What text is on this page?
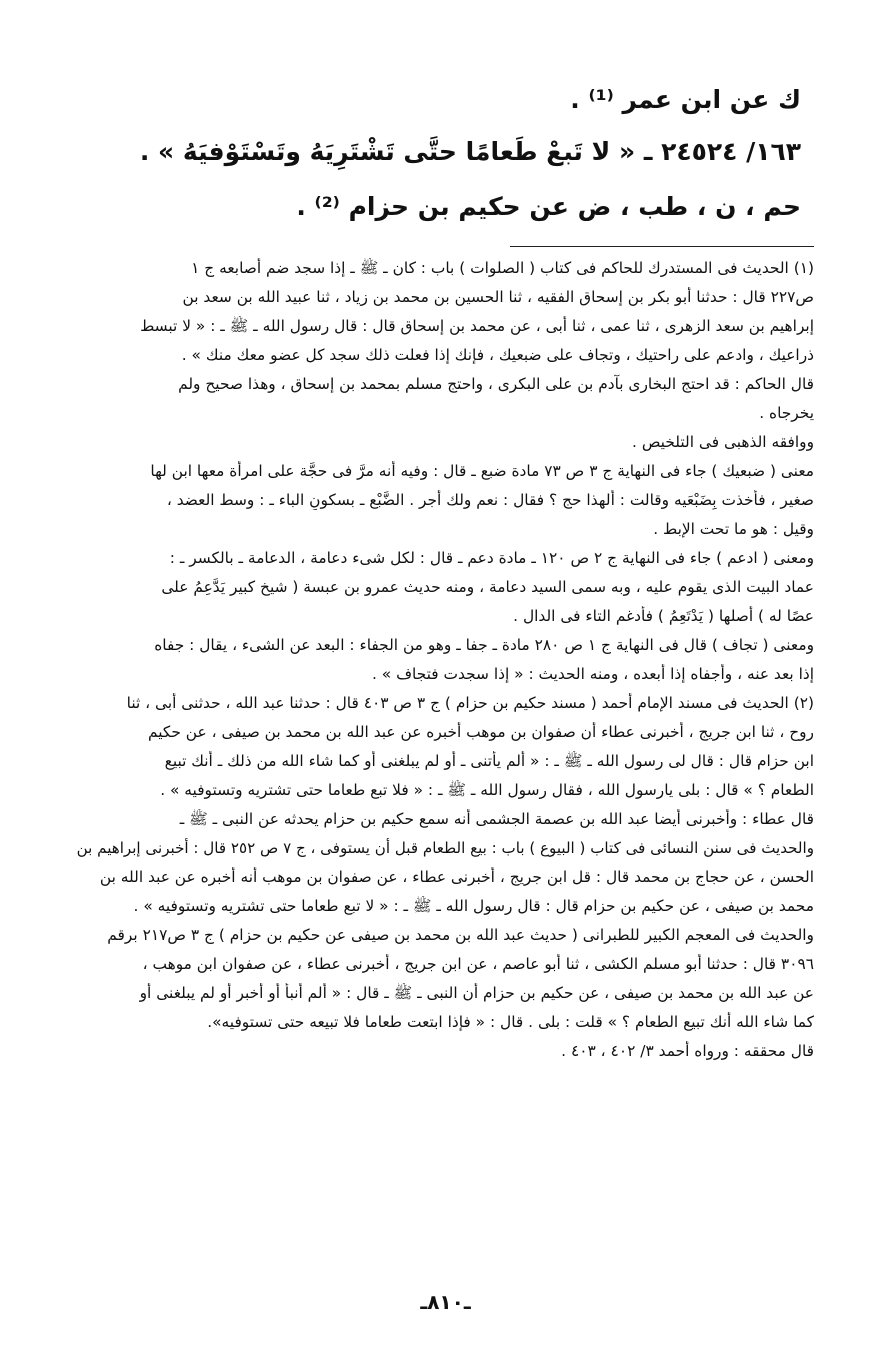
ك عن ابن عمر ⁽¹⁾ .
١٦٣/ ٢٤٥٢٤ ـ « لا تَبعْ طَعامًا حتَّى تَشْتَرِيَهُ وتَسْتَوْفيَهُ » .
حم ، ن ، طب ، ض عن حكيم بن حزام ⁽²⁾ .
(١) الحديث فى المستدرك للحاكم فى كتاب ( الصلوات ) باب : كان ـ ﷺ ـ إذا سجد ضم أصابعه ج ١
ص٢٢٧ قال : حدثنا أبو بكر بن إسحاق الفقيه ، ثنا الحسين بن محمد بن زياد ، ثنا عبيد الله بن سعد بن
إبراهيم بن سعد الزهرى ، ثنا عمى ، ثنا أبى ، عن محمد بن إسحاق قال : قال رسول الله ـ ﷺ ـ : « لا تبسط
ذراعيك ، وادعم على راحتيك ، وتجاف على ضبعيك ، فإنك إذا فعلت ذلك سجد كل عضو معك منك » .
قال الحاكم : قد احتج البخارى بآدم بن على البكرى ، واحتج مسلم بمحمد بن إسحاق ، وهذا صحيح ولم
يخرجاه .
ووافقه الذهبى فى التلخيص .
معنى ( ضبعيك ) جاء فى النهاية ج ٣ ص ٧٣ مادة ضبع ـ قال : وفيه أنه مرَّ فى حجَّة على امرأة معها ابن لها
صغير ، فأخذت بِضَبْعَيه وقالت : ألهذا حج ؟ فقال : نعم ولك أجر . الضَّبْع ـ بسكونِ الباء ـ : وسط العضد ،
وقيل : هو ما تحت الإبط .
ومعنى ( ادعم ) جاء فى النهاية ج ٢ ص ١٢٠ ـ مادة دعم ـ قال : لكل شىء دعامة ، الدعامة ـ بالكسر ـ :
عماد البيت الذى يقوم عليه ، وبه سمى السيد دعامة ، ومنه حديث عمرو بن عبسة ( شيخ كبير يَدَّعِمُ على
عصًا له ) أصلها ( يَدْتَعِمُ ) فأدغم التاء فى الدال .
ومعنى ( تجاف ) قال فى النهاية ج ١ ص ٢٨٠ مادة ـ جفا ـ وهو من الجفاء : البعد عن الشىء ، يقال : جفاه
إذا بعد عنه ، وأجفاه إذا أبعده ، ومنه الحديث : « إذا سجدت فتجاف » .
(٢) الحديث فى مسند الإمام أحمد ( مسند حكيم بن حزام ) ج ٣ ص ٤٠٣ قال : حدثنا عبد الله ، حدثنى أبى ، ثنا
روح ، ثنا ابن جريج ، أخبرنى عطاء أن صفوان بن موهب أخبره عن عبد الله بن محمد بن صيفى ، عن حكيم
ابن حزام قال : قال لى رسول الله ـ ﷺ ـ : « ألم يأتنى ـ أو لم يبلغنى أو كما شاء الله من ذلك ـ أنك تبيع
الطعام ؟ » قال : بلى يارسول الله ، فقال رسول الله ـ ﷺ ـ : « فلا تبع طعاما حتى تشتريه وتستوفيه » .
قال عطاء : وأخبرنى أيضا عبد الله بن عصمة الجشمى أنه سمع حكيم بن حزام يحدثه عن النبى ـ ﷺ ـ
والحديث فى سنن النسائى فى كتاب ( البيوع ) باب : بيع الطعام قبل أن يستوفى ، ج ٧ ص ٢٥٢ قال : أخبرنى إبراهيم بن
الحسن ، عن حجاج بن محمد قال : قل ابن جريج ، أخبرنى عطاء ، عن صفوان بن موهب أنه أخبره عن عبد الله بن
محمد بن صيفى ، عن حكيم بن حزام قال : قال رسول الله ـ ﷺ ـ : « لا تبع طعاما حتى تشتريه وتستوفيه » .
والحديث فى المعجم الكبير للطبرانى ( حديث عبد الله بن محمد بن صيفى عن حكيم بن حزام ) ج ٣ ص٢١٧ برقم
٣٠٩٦ قال : حدثنا أبو مسلم الكشى ، ثنا أبو عاصم ، عن ابن جريج ، أخبرنى عطاء ، عن صفوان ابن موهب ،
عن عبد الله بن محمد بن صيفى ، عن حكيم بن حزام أن النبى ـ ﷺ ـ قال : « ألم أنبأ أو أخبر أو لم يبلغنى أو
كما شاء الله أنك تبيع الطعام ؟ » قلت : بلى . قال : « فإذا ابتعت طعاما فلا تبيعه حتى تستوفيه».
قال محققه : ورواه أحمد ٣/ ٤٠٢ ، ٤٠٣ .
ـ٨١٠ـ
